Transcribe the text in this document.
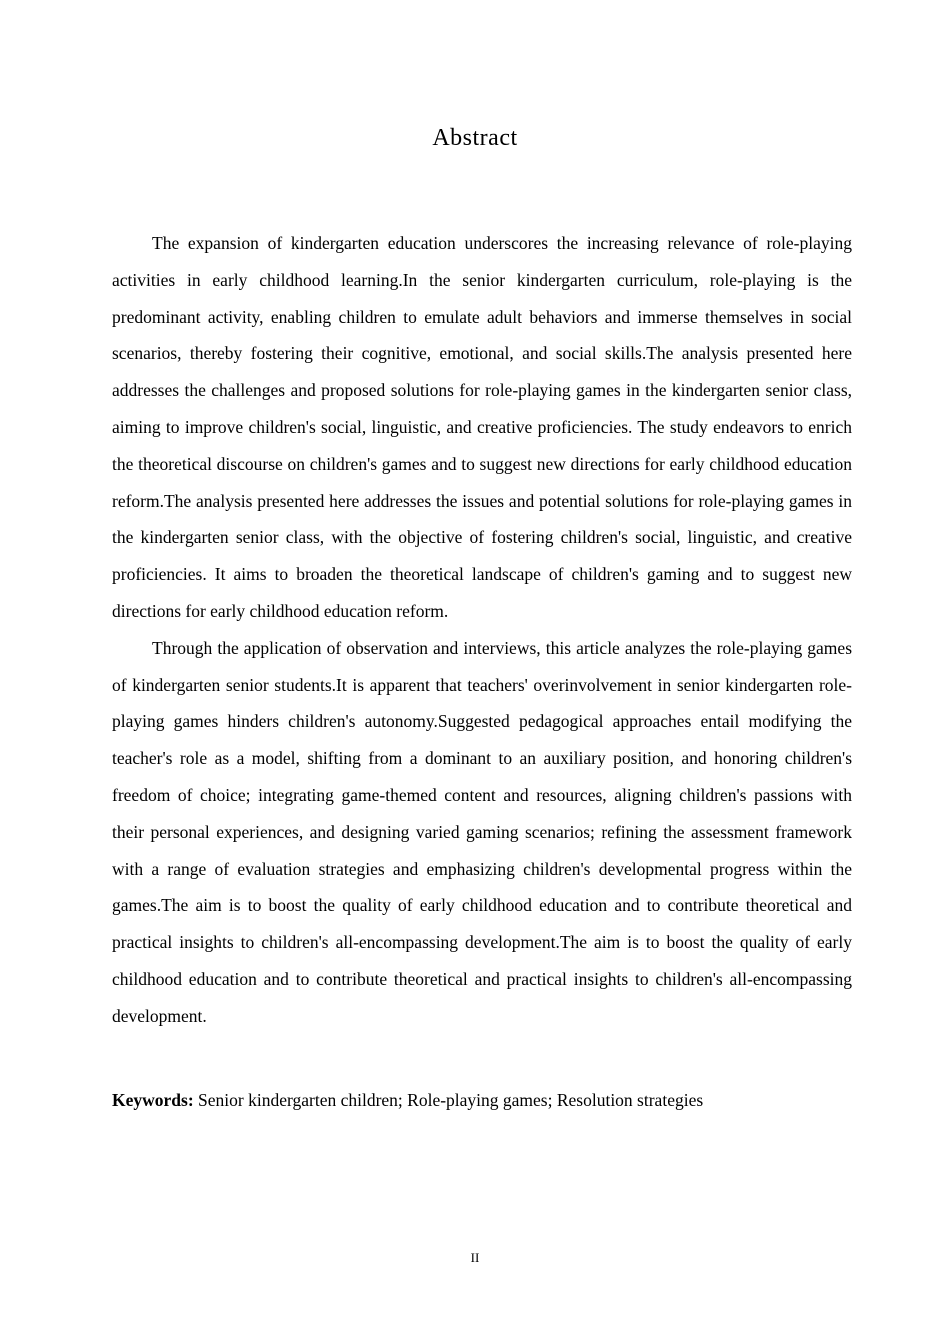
Abstract

The expansion of kindergarten education underscores the increasing relevance of role-playing activities in early childhood learning.In the senior kindergarten curriculum, role-playing is the predominant activity, enabling children to emulate adult behaviors and immerse themselves in social scenarios, thereby fostering their cognitive, emotional, and social skills.The analysis presented here addresses the challenges and proposed solutions for role-playing games in the kindergarten senior class, aiming to improve children's social, linguistic, and creative proficiencies. The study endeavors to enrich the theoretical discourse on children's games and to suggest new directions for early childhood education reform.The analysis presented here addresses the issues and potential solutions for role-playing games in the kindergarten senior class, with the objective of fostering children's social, linguistic, and creative proficiencies. It aims to broaden the theoretical landscape of children's gaming and to suggest new directions for early childhood education reform.

Through the application of observation and interviews, this article analyzes the role-playing games of kindergarten senior students.It is apparent that teachers' overinvolvement in senior kindergarten role-playing games hinders children's autonomy.Suggested pedagogical approaches entail modifying the teacher's role as a model, shifting from a dominant to an auxiliary position, and honoring children's freedom of choice; integrating game-themed content and resources, aligning children's passions with their personal experiences, and designing varied gaming scenarios; refining the assessment framework with a range of evaluation strategies and emphasizing children's developmental progress within the games.The aim is to boost the quality of early childhood education and to contribute theoretical and practical insights to children's all-encompassing development.The aim is to boost the quality of early childhood education and to contribute theoretical and practical insights to children's all-encompassing development.

Keywords: Senior kindergarten children; Role-playing games; Resolution strategies

II
